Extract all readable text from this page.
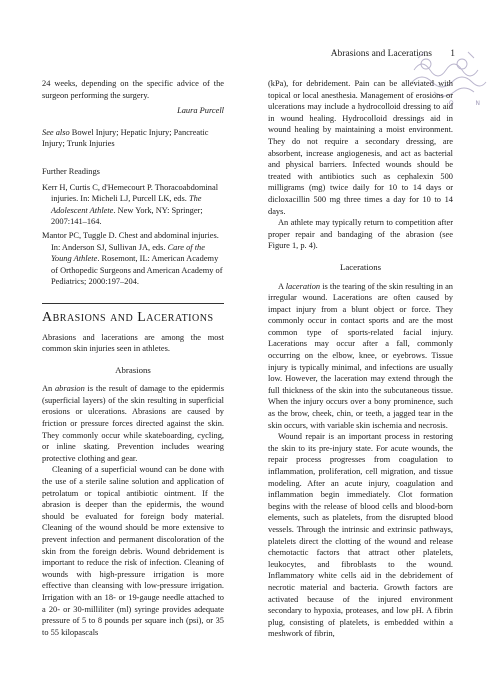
Abrasions and Lacerations 1
O N

24 weeks, depending on the specific advice of the surgeon performing the surgery.

Laura Purcell

See also Bowel Injury; Hepatic Injury; Pancreatic Injury; Trunk Injuries

Further Readings

Kerr H, Curtis C, d'Hemecourt P. Thoracoabdominal injuries. In: Micheli LJ, Purcell LK, eds. The Adolescent Athlete. New York, NY: Springer; 2007:141–164.

Mantor PC, Tuggle D. Chest and abdominal injuries. In: Anderson SJ, Sullivan JA, eds. Care of the Young Athlete. Rosemont, IL: American Academy of Orthopedic Surgeons and American Academy of Pediatrics; 2000:197–204.

Abrasions and Lacerations

Abrasions and lacerations are among the most common skin injuries seen in athletes.

Abrasions

An abrasion is the result of damage to the epidermis (superficial layers) of the skin resulting in superficial erosions or ulcerations. Abrasions are caused by friction or pressure forces directed against the skin. They commonly occur while skateboarding, cycling, or inline skating. Prevention includes wearing protective clothing and gear.

Cleaning of a superficial wound can be done with the use of a sterile saline solution and application of petrolatum or topical antibiotic ointment. If the abrasion is deeper than the epidermis, the wound should be evaluated for foreign body material. Cleaning of the wound should be more extensive to prevent infection and permanent discoloration of the skin from the foreign debris. Wound debridement is important to reduce the risk of infection. Cleaning of wounds with high-pressure irrigation is more effective than cleansing with low-pressure irrigation. Irrigation with an 18- or 19-gauge needle attached to a 20- or 30-milliliter (ml) syringe provides adequate pressure of 5 to 8 pounds per square inch (psi), or 35 to 55 kilopascals

(kPa), for debridement. Pain can be alleviated with topical or local anesthesia. Management of erosions or ulcerations may include a hydrocolloid dressing to aid in wound healing. Hydrocolloid dressings aid in wound healing by maintaining a moist environment. They do not require a secondary dressing, are absorbent, increase angiogenesis, and act as bacterial and physical barriers. Infected wounds should be treated with antibiotics such as cephalexin 500 milligrams (mg) twice daily for 10 to 14 days or dicloxacillin 500 mg three times a day for 10 to 14 days.

An athlete may typically return to competition after proper repair and bandaging of the abrasion (see Figure 1, p. 4).

Lacerations

A laceration is the tearing of the skin resulting in an irregular wound. Lacerations are often caused by impact injury from a blunt object or force. They commonly occur in contact sports and are the most common type of sports-related facial injury. Lacerations may occur after a fall, commonly occurring on the elbow, knee, or eyebrows. Tissue injury is typically minimal, and infections are usually low. However, the laceration may extend through the full thickness of the skin into the subcutaneous tissue. When the injury occurs over a bony prominence, such as the brow, cheek, chin, or teeth, a jagged tear in the skin occurs, with variable skin ischemia and necrosis.

Wound repair is an important process in restoring the skin to its pre-injury state. For acute wounds, the repair process progresses from coagulation to inflammation, proliferation, cell migration, and tissue modeling. After an acute injury, coagulation and inflammation begin immediately. Clot formation begins with the release of blood cells and blood-born elements, such as platelets, from the disrupted blood vessels. Through the intrinsic and extrinsic pathways, platelets direct the clotting of the wound and release chemotactic factors that attract other platelets, leukocytes, and fibroblasts to the wound. Inflammatory white cells aid in the debridement of necrotic material and bacteria. Growth factors are activated because of the injured environment secondary to hypoxia, proteases, and low pH. A fibrin plug, consisting of platelets, is embedded within a meshwork of fibrin,
